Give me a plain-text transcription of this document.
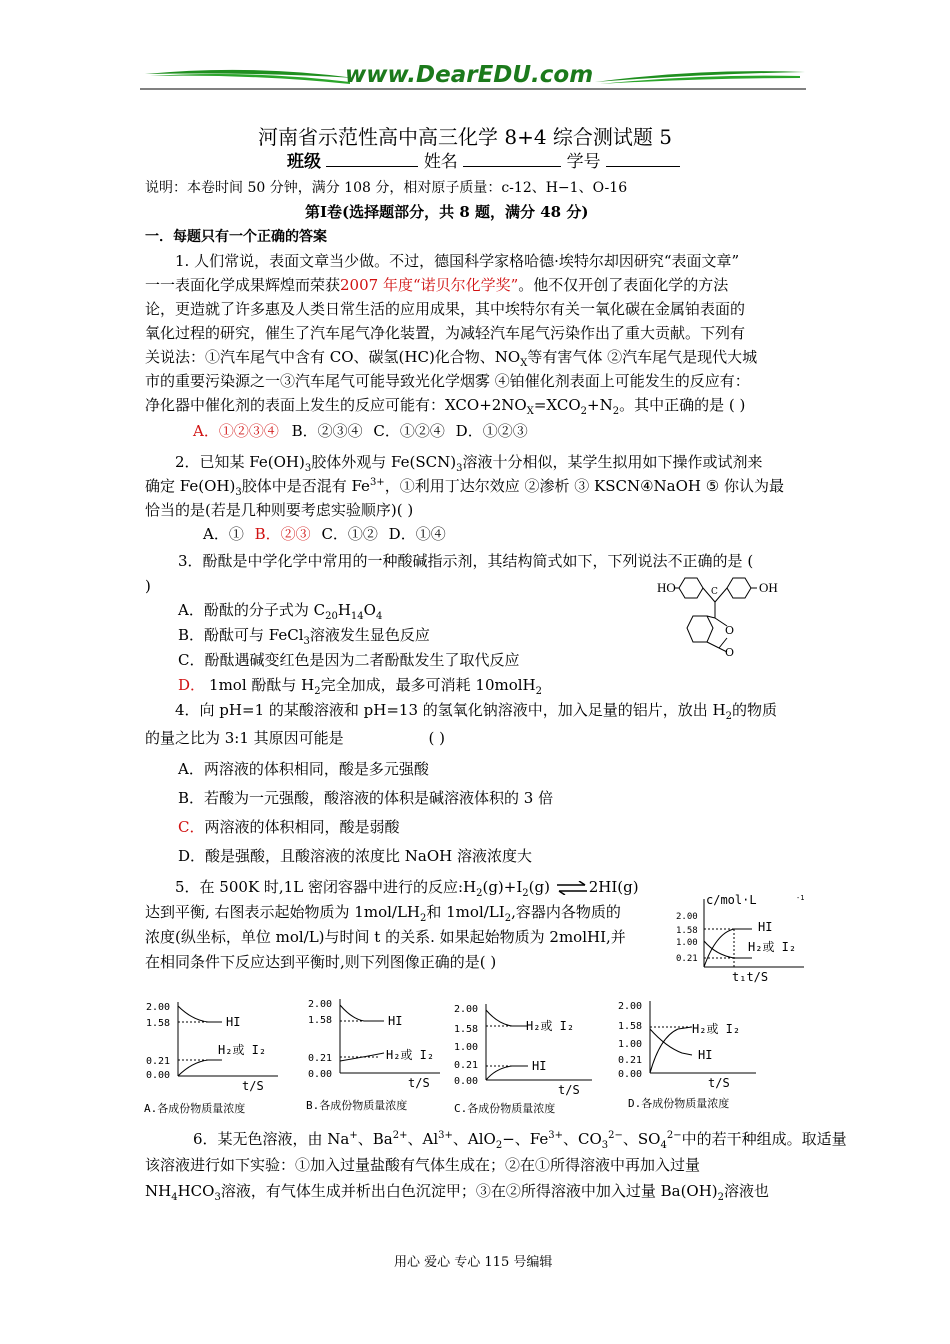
www.DearEDU.com
河南省示范性高中高三化学 8+4 综合测试题 5
班级	姓名	学号
说明：本卷时间 50 分钟，满分 108 分，相对原子质量：c-12、H−1、O-16
第Ⅰ卷(选择题部分，共 8 题，满分 48 分)
一．每题只有一个正确的答案
1. 人们常说，表面文章当少做。不过，德国科学家格哈德·埃特尔却因研究“表面文章”
一一表面化学成果辉煌而荣获2007 年度“诺贝尔化学奖”。他不仅开创了表面化学的方法
论，更造就了许多惠及人类日常生活的应用成果，其中埃特尔有关一氧化碳在金属铂表面的
氧化过程的研究，催生了汽车尾气净化装置，为减轻汽车尾气污染作出了重大贡献。下列有
关说法：①汽车尾气中含有 CO、碳氢(HC)化合物、$NO_X$等有害气体 ②汽车尾气是现代大城
市的重要污染源之一③汽车尾气可能导致光化学烟雾 ④铂催化剂表面上可能发生的反应有：
净化器中催化剂的表面上发生的反应可能有：$XCO+2NO_X=XCO_2+N_2$。其中正确的是 ( )
A．①②③④ B．②③④ C．①②④ D．①②③
2．已知某 $Fe(OH)_3$胶体外观与 $Fe(SCN)_3$溶液十分相似，某学生拟用如下操作或试剂来
确定 $Fe(OH)_3$胶体中是否混有 $Fe^{3+}$，①利用丁达尔效应 ②渗析 ③ KSCN④NaOH ⑤ 你认为最
恰当的是(若是几种则要考虑实验顺序)( )
A．① B．②③ C．①② D．①④
3．酚酞是中学化学中常用的一种酸碱指示剂，其结构简式如下，下列说法不正确的是 (
)	HO	OH
C
O
O
A．酚酞的分子式为 $C_{20}H_{14}O_4$
B．酚酞可与 FeCl$_3$溶液发生显色反应
C．酚酞遇碱变红色是因为二者酚酞发生了取代反应
D． 1mol 酚酞与 $H_2$完全加成，最多可消耗 10molH$_2$
4．向 pH=1 的某酸溶液和 pH=13 的氢氧化钠溶液中，加入足量的铝片，放出 $H_2$的物质
的量之比为 3:1 其原因可能是	( )
A．两溶液的体积相同，酸是多元强酸
B．若酸为一元强酸，酸溶液的体积是碱溶液体积的 3 倍
C．两溶液的体积相同，酸是弱酸
D．酸是强酸，且酸溶液的浓度比 NaOH 溶液浓度大
5．在 500K 时,1L 密闭容器中进行的反应$:H_2(g)+I_2(g)$ ⇌2HI(g)
达到平衡, 右图表示起始物质为 $1mol/LH_2$和 $1mol/LI_2$,容器内各物质的
浓度(纵坐标，单位 mol/L)与时间 t 的关系. 如果起始物质为 2molHI,并
在相同条件下反应达到平衡时,则下列图像正确的是( )
c/mol·L	-1
2.00
1.58
1.00
0.21
HI
H₂或 I₂
t₁t/S
2.00
1.58
0.21
0.00
HI
H₂或 I₂
t/S
A.各成份物质量浓度
2.00
1.58
0.21
0.00
HI
H₂或 I₂
t/S
B.各成份物质量浓度
2.00
1.58
1.00
0.21
0.00
H₂或 I₂
HI
t/S
C.各成份物质量浓度
2.00
1.58
1.00
0.21
0.00
H₂或 I₂
HI
t/S
D.各成份物质量浓度
6．某无色溶液，由 Na+、$Ba^{2+}$、$Al^{3+}$、AlO$_2$−、$Fe^{3+}$、$CO_3^{2-}$、$SO_4^{2-}$中的若干种组成。取适量
该溶液进行如下实验：①加入过量盐酸有气体生成在；②在①所得溶液中再加入过量
$NH_4HCO_3$溶液，有气体生成并析出白色沉淀甲；③在②所得溶液中加入过量 $Ba(OH)_2$溶液也
用心 爱心 专心 115 号编辑
